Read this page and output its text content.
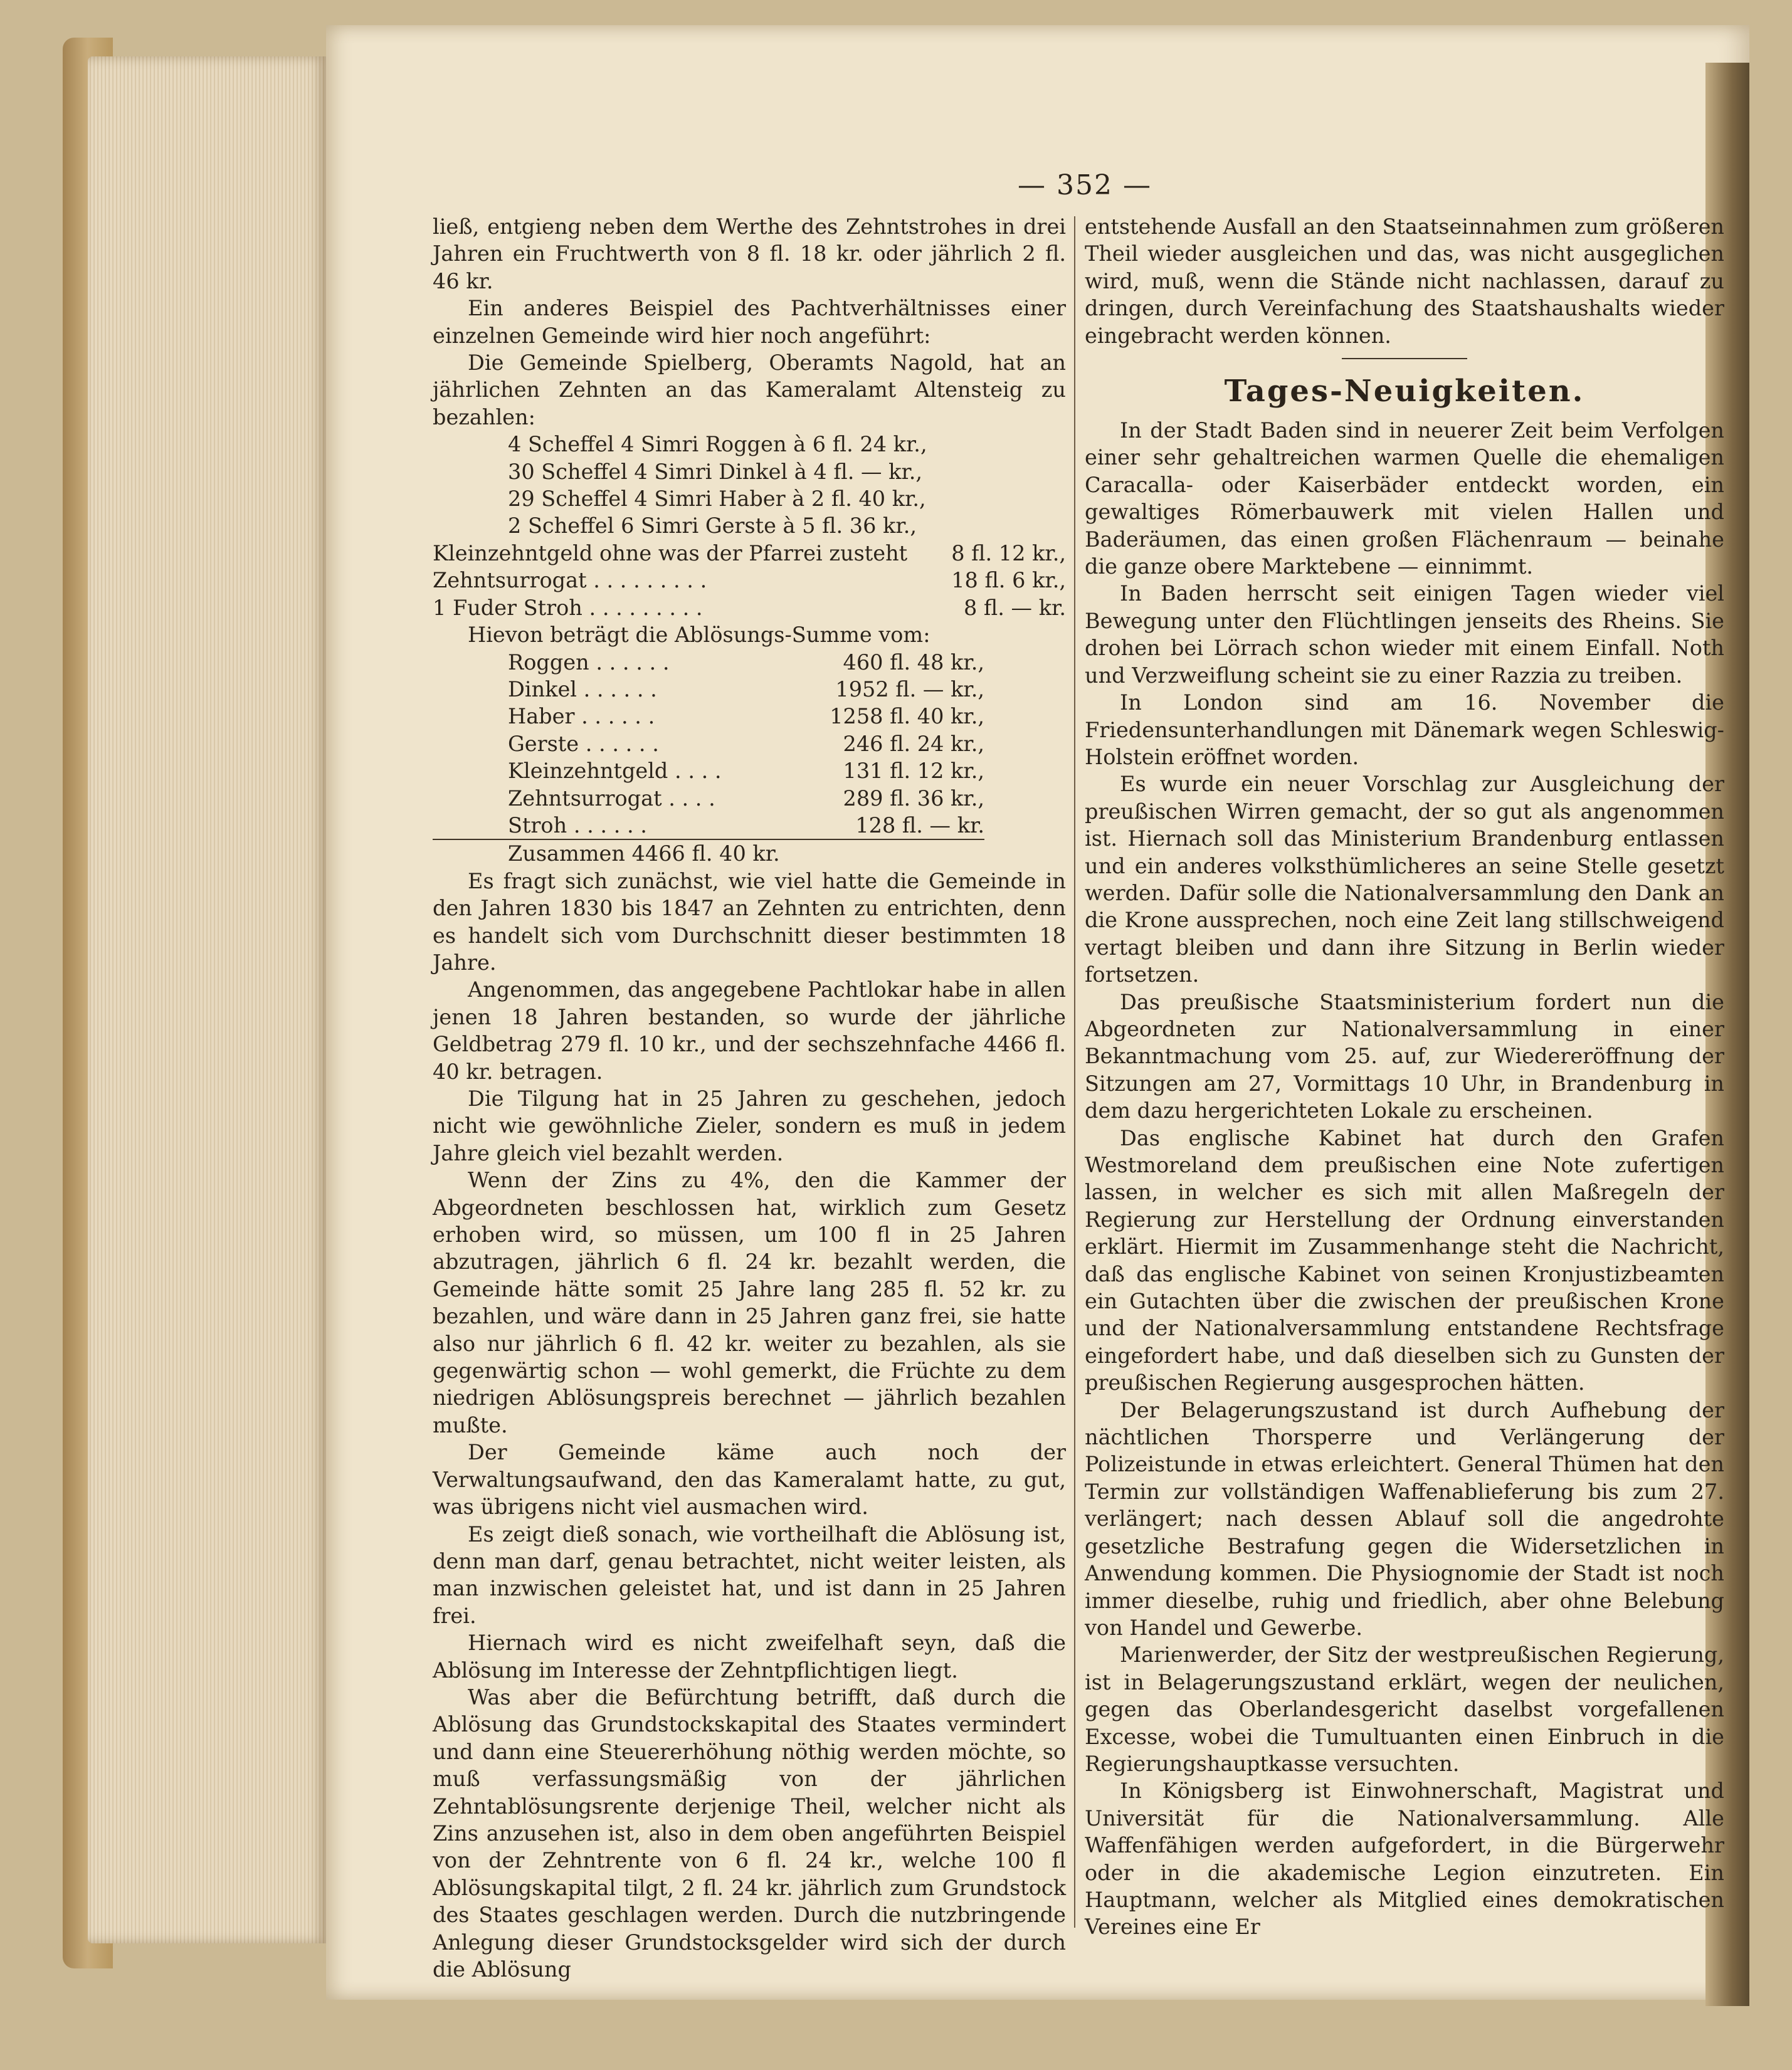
— 352 —

ließ, entgieng neben dem Werthe des Zehntstrohes in drei Jahren ein Fruchtwerth von 8 fl. 18 kr. oder jährlich 2 fl. 46 kr.

Ein anderes Beispiel des Pachtverhältnisses einer einzelnen Gemeinde wird hier noch angeführt:

Die Gemeinde Spielberg, Oberamts Nagold, hat an jährlichen Zehnten an das Kameralamt Altensteig zu bezahlen:

4 Scheffel 4 Simri Roggen à 6 fl. 24 kr.,	
30 Scheffel 4 Simri Dinkel à 4 fl. — kr.,	
29 Scheffel 4 Simri Haber à 2 fl. 40 kr.,	
2 Scheffel 6 Simri Gerste à 5 fl. 36 kr.,	
Kleinzehntgeld ohne was der Pfarrei zusteht	8 fl. 12 kr.,
Zehntsurrogat . . . . . . . . .	18 fl. 6 kr.,
1 Fuder Stroh . . . . . . . . .	8 fl. — kr.

Hievon beträgt die Ablösungs-Summe vom:

Roggen . . . . . .	460 fl. 48 kr.,
Dinkel . . . . . .	1952 fl. — kr.,
Haber . . . . . .	1258 fl. 40 kr.,
Gerste . . . . . .	246 fl. 24 kr.,
Kleinzehntgeld . . . .	131 fl. 12 kr.,
Zehntsurrogat . . . .	289 fl. 36 kr.,
Stroh . . . . . .	128 fl. — kr.
Zusammen 4466 fl. 40 kr.	

Es fragt sich zunächst, wie viel hatte die Gemeinde in den Jahren 1830 bis 1847 an Zehnten zu entrichten, denn es handelt sich vom Durchschnitt dieser bestimmten 18 Jahre.

Angenommen, das angegebene Pachtlokar habe in allen jenen 18 Jahren bestanden, so wurde der jährliche Geldbetrag 279 fl. 10 kr., und der sechszehnfache 4466 fl. 40 kr. betragen.

Die Tilgung hat in 25 Jahren zu geschehen, jedoch nicht wie gewöhnliche Zieler, sondern es muß in jedem Jahre gleich viel bezahlt werden.

Wenn der Zins zu 4%, den die Kammer der Abgeordneten beschlossen hat, wirklich zum Gesetz erhoben wird, so müssen, um 100 fl in 25 Jahren abzutragen, jährlich 6 fl. 24 kr. bezahlt werden, die Gemeinde hätte somit 25 Jahre lang 285 fl. 52 kr. zu bezahlen, und wäre dann in 25 Jahren ganz frei, sie hatte also nur jährlich 6 fl. 42 kr. weiter zu bezahlen, als sie gegenwärtig schon — wohl gemerkt, die Früchte zu dem niedrigen Ablösungspreis berechnet — jährlich bezahlen mußte.

Der Gemeinde käme auch noch der Verwaltungsaufwand, den das Kameralamt hatte, zu gut, was übrigens nicht viel ausmachen wird.

Es zeigt dieß sonach, wie vortheilhaft die Ablösung ist, denn man darf, genau betrachtet, nicht weiter leisten, als man inzwischen geleistet hat, und ist dann in 25 Jahren frei.

Hiernach wird es nicht zweifelhaft seyn, daß die Ablösung im Interesse der Zehntpflichtigen liegt.

Was aber die Befürchtung betrifft, daß durch die Ablösung das Grundstockskapital des Staates vermindert und dann eine Steuererhöhung nöthig werden möchte, so muß verfassungsmäßig von der jährlichen Zehntablösungsrente derjenige Theil, welcher nicht als Zins anzusehen ist, also in dem oben angeführten Beispiel von der Zehntrente von 6 fl. 24 kr., welche 100 fl Ablösungskapital tilgt, 2 fl. 24 kr. jährlich zum Grundstock des Staates geschlagen werden. Durch die nutzbringende Anlegung dieser Grundstocksgelder wird sich der durch die Ablösung

entstehende Ausfall an den Staatseinnahmen zum größeren Theil wieder ausgleichen und das, was nicht ausgeglichen wird, muß, wenn die Stände nicht nachlassen, darauf zu dringen, durch Vereinfachung des Staatshaushalts wieder eingebracht werden können.

Tages-Neuigkeiten.

In der Stadt Baden sind in neuerer Zeit beim Verfolgen einer sehr gehaltreichen warmen Quelle die ehemaligen Caracalla- oder Kaiserbäder entdeckt worden, ein gewaltiges Römerbauwerk mit vielen Hallen und Baderäumen, das einen großen Flächenraum — beinahe die ganze obere Marktebene — einnimmt.

In Baden herrscht seit einigen Tagen wieder viel Bewegung unter den Flüchtlingen jenseits des Rheins. Sie drohen bei Lörrach schon wieder mit einem Einfall. Noth und Verzweiflung scheint sie zu einer Razzia zu treiben.

In London sind am 16. November die Friedensunterhandlungen mit Dänemark wegen Schleswig-Holstein eröffnet worden.

Es wurde ein neuer Vorschlag zur Ausgleichung der preußischen Wirren gemacht, der so gut als angenommen ist. Hiernach soll das Ministerium Brandenburg entlassen und ein anderes volksthümlicheres an seine Stelle gesetzt werden. Dafür solle die Nationalversammlung den Dank an die Krone aussprechen, noch eine Zeit lang stillschweigend vertagt bleiben und dann ihre Sitzung in Berlin wieder fortsetzen.

Das preußische Staatsministerium fordert nun die Abgeordneten zur Nationalversammlung in einer Bekanntmachung vom 25. auf, zur Wiedereröffnung der Sitzungen am 27, Vormittags 10 Uhr, in Brandenburg in dem dazu hergerichteten Lokale zu erscheinen.

Das englische Kabinet hat durch den Grafen Westmoreland dem preußischen eine Note zufertigen lassen, in welcher es sich mit allen Maßregeln der Regierung zur Herstellung der Ordnung einverstanden erklärt. Hiermit im Zusammenhange steht die Nachricht, daß das englische Kabinet von seinen Kronjustizbeamten ein Gutachten über die zwischen der preußischen Krone und der Nationalversammlung entstandene Rechtsfrage eingefordert habe, und daß dieselben sich zu Gunsten der preußischen Regierung ausgesprochen hätten.

Der Belagerungszustand ist durch Aufhebung der nächtlichen Thorsperre und Verlängerung der Polizeistunde in etwas erleichtert. General Thümen hat den Termin zur vollständigen Waffenablieferung bis zum 27. verlängert; nach dessen Ablauf soll die angedrohte gesetzliche Bestrafung gegen die Widersetzlichen in Anwendung kommen. Die Physiognomie der Stadt ist noch immer dieselbe, ruhig und friedlich, aber ohne Belebung von Handel und Gewerbe.

Marienwerder, der Sitz der westpreußischen Regierung, ist in Belagerungszustand erklärt, wegen der neulichen, gegen das Oberlandesgericht daselbst vorgefallenen Excesse, wobei die Tumultuanten einen Einbruch in die Regierungshauptkasse versuchten.

In Königsberg ist Einwohnerschaft, Magistrat und Universität für die Nationalversammlung. Alle Waffenfähigen werden aufgefordert, in die Bürgerwehr oder in die akademische Legion einzutreten. Ein Hauptmann, welcher als Mitglied eines demokratischen Vereines eine Er
